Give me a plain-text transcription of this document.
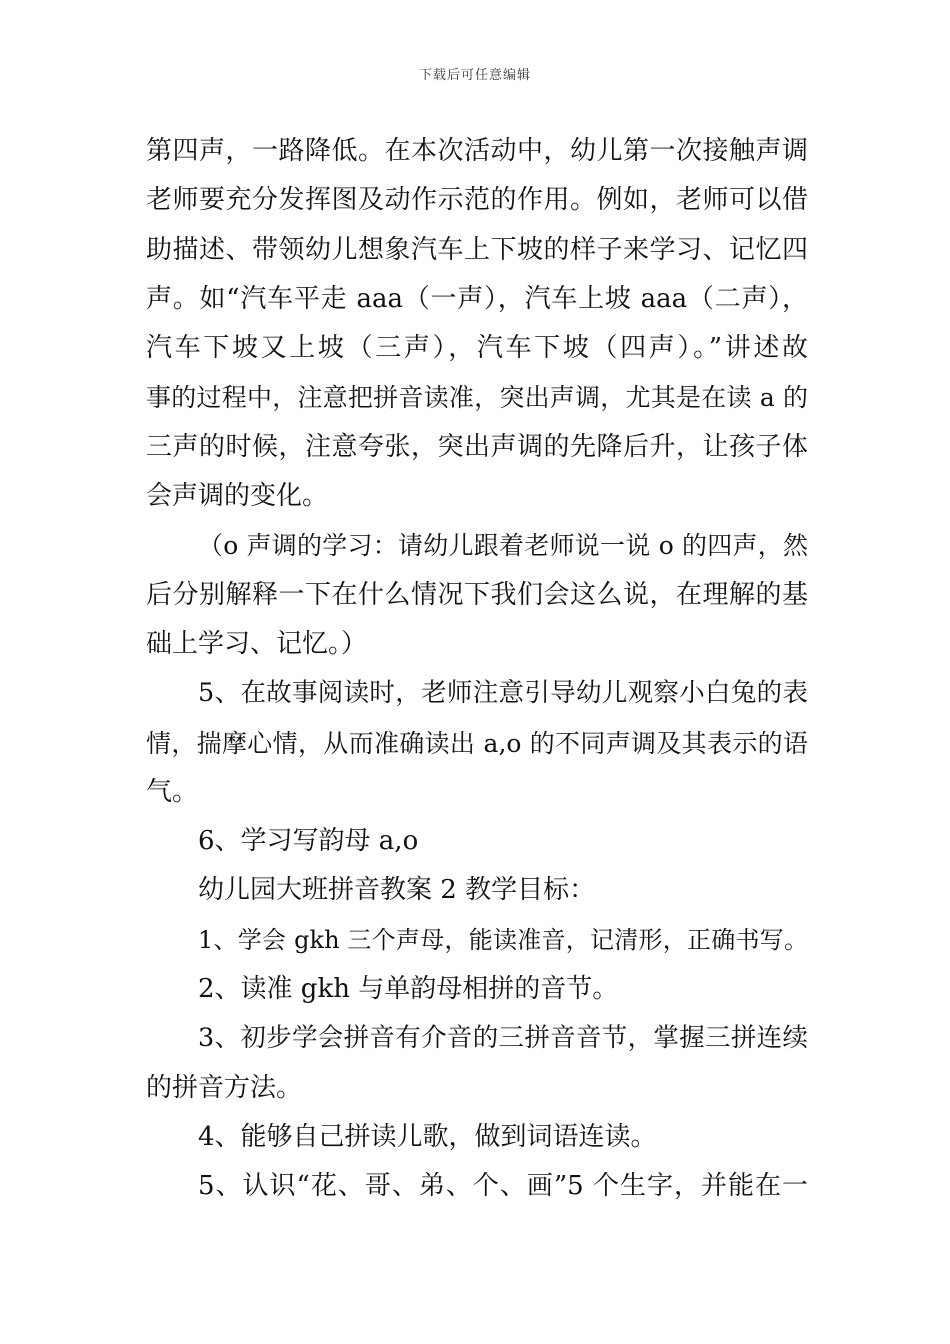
下载后可任意编辑
第四声，一路降低。在本次活动中，幼儿第一次接触声调
老师要充分发挥图及动作示范的作用。例如，老师可以借
助描述、带领幼儿想象汽车上下坡的样子来学习、记忆四
声。如“汽车平走 aaa（一声），汽车上坡 aaa（二声），
汽车下坡又上坡（三声），汽车下坡（四声）。”讲述故
事的过程中，注意把拼音读准，突出声调，尤其是在读 a 的
三声的时候，注意夸张，突出声调的先降后升，让孩子体
会声调的变化。
（o 声调的学习：请幼儿跟着老师说一说 o 的四声，然
后分别解释一下在什么情况下我们会这么说，在理解的基
础上学习、记忆。）
5、在故事阅读时，老师注意引导幼儿观察小白兔的表
情，揣摩心情，从而准确读出 a,o 的不同声调及其表示的语
气。
6、学习写韵母 a,o
幼儿园大班拼音教案 2 教学目标：
1、学会 gkh 三个声母，能读准音，记清形，正确书写。
2、读准 gkh 与单韵母相拼的音节。
3、初步学会拼音有介音的三拼音音节，掌握三拼连续
的拼音方法。
4、能够自己拼读儿歌，做到词语连读。
5、认识“花、哥、弟、个、画”5 个生字，并能在一
